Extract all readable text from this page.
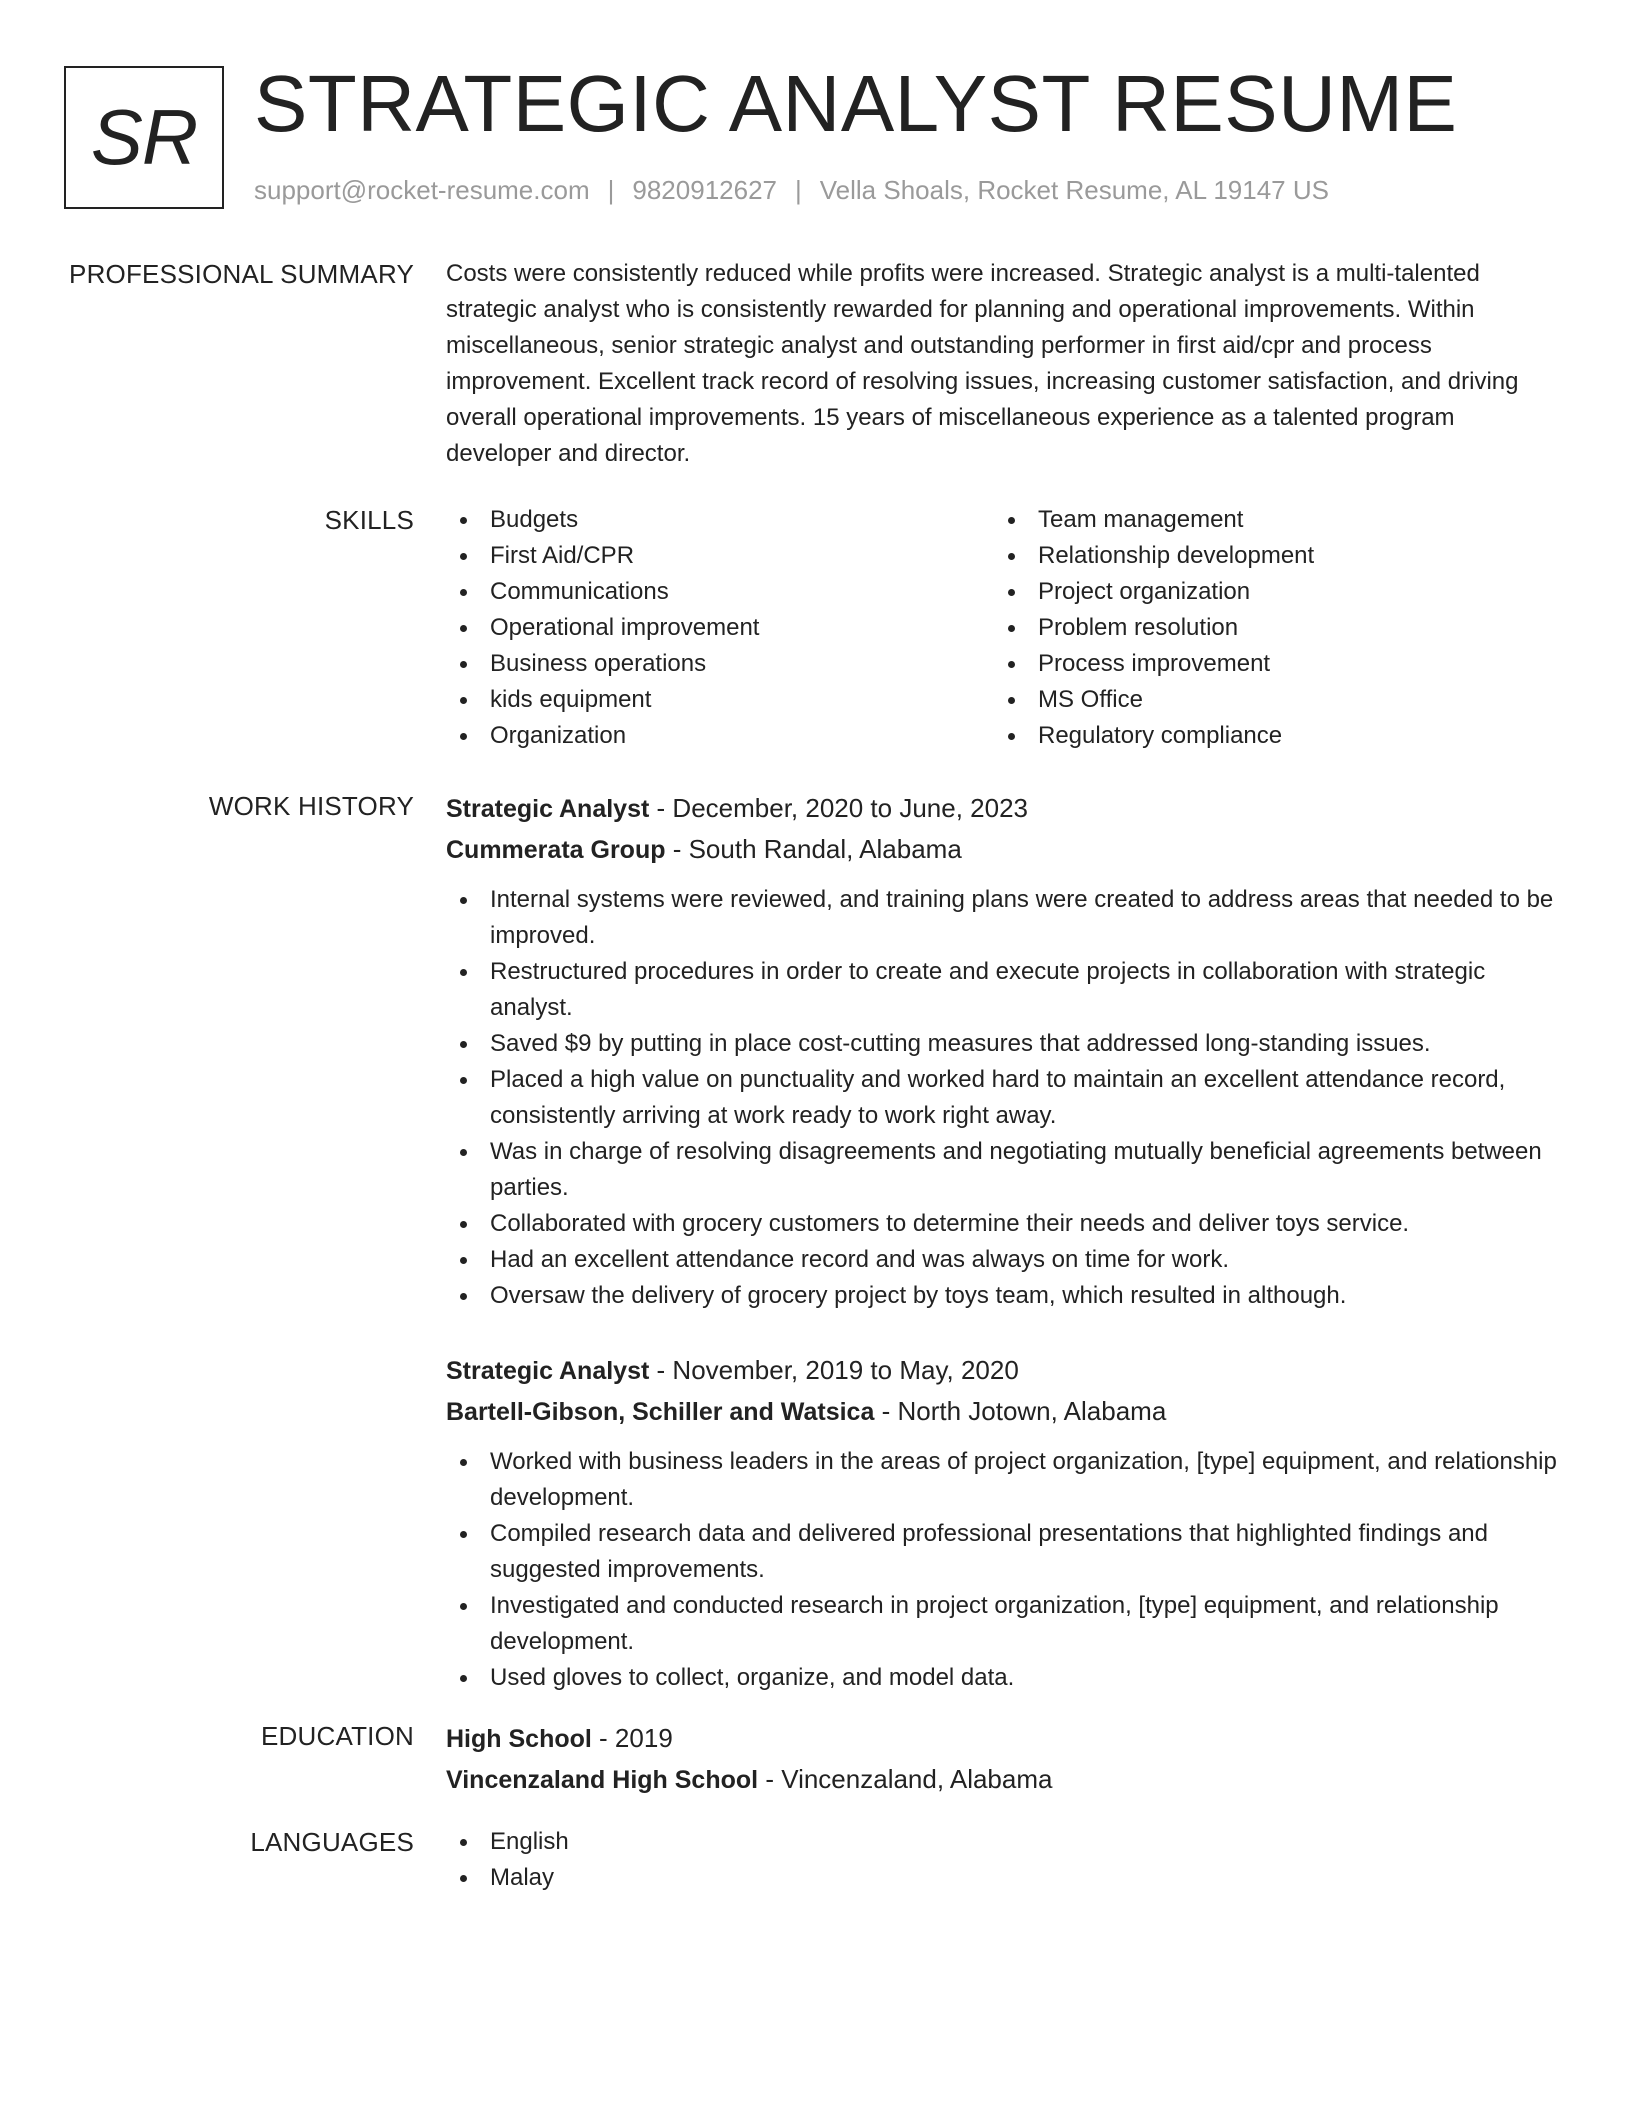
SR STRATEGIC ANALYST RESUME
support@rocket-resume.com | 9820912627 | Vella Shoals, Rocket Resume, AL 19147 US
PROFESSIONAL SUMMARY Costs were consistently reduced while profits were increased. Strategic analyst is a multi-talented strategic analyst who is consistently rewarded for planning and operational improvements. Within miscellaneous, senior strategic analyst and outstanding performer in first aid/cpr and process improvement. Excellent track record of resolving issues, increasing customer satisfaction, and driving overall operational improvements. 15 years of miscellaneous experience as a talented program developer and director.
SKILLS	Budgets
First Aid/CPR
Communications
Operational improvement
Business operations
kids equipment
Organization
Team management
Relationship development
Project organization
Problem resolution
Process improvement
MS Office
Regulatory compliance
WORK HISTORY Strategic Analyst - December, 2020 to June, 2023
Cummerata Group - South Randal, Alabama
Internal systems were reviewed, and training plans were created to address areas that needed to be improved.
Restructured procedures in order to create and execute projects in collaboration with strategic analyst.
Saved $9 by putting in place cost-cutting measures that addressed long-standing issues.
Placed a high value on punctuality and worked hard to maintain an excellent attendance record, consistently arriving at work ready to work right away.
Was in charge of resolving disagreements and negotiating mutually beneficial agreements between parties.
Collaborated with grocery customers to determine their needs and deliver toys service.
Had an excellent attendance record and was always on time for work.
Oversaw the delivery of grocery project by toys team, which resulted in although.
Strategic Analyst - November, 2019 to May, 2020
Bartell-Gibson, Schiller and Watsica - North Jotown, Alabama
Worked with business leaders in the areas of project organization, [type] equipment, and relationship development.
Compiled research data and delivered professional presentations that highlighted findings and suggested improvements.
Investigated and conducted research in project organization, [type] equipment, and relationship development.
Used gloves to collect, organize, and model data.
EDUCATION High School - 2019
Vincenzaland High School - Vincenzaland, Alabama
LANGUAGES	English
Malay
